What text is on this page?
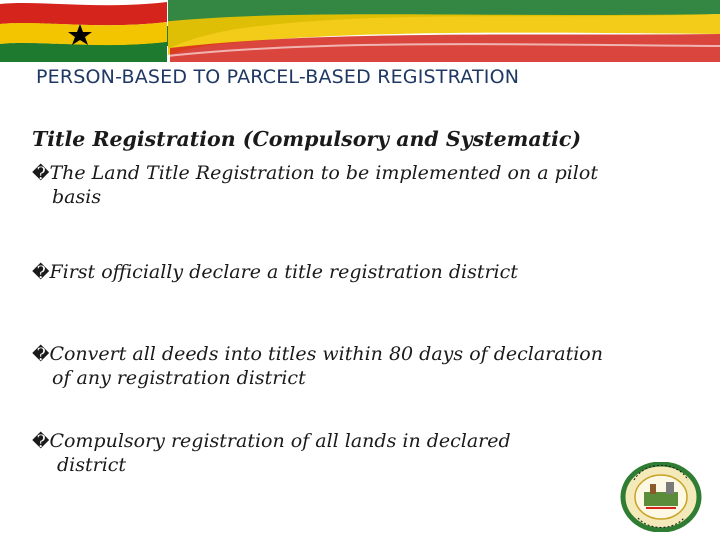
PERSON-BASED TO PARCEL-BASED REGISTRATION
Title Registration (Compulsory and Systematic)
�The Land Title Registration to be implemented on a pilot
basis
�First officially declare a title registration district
�Convert all deeds into titles within 80 days of declaration
of any registration district
�Compulsory registration of all lands in declared
district
